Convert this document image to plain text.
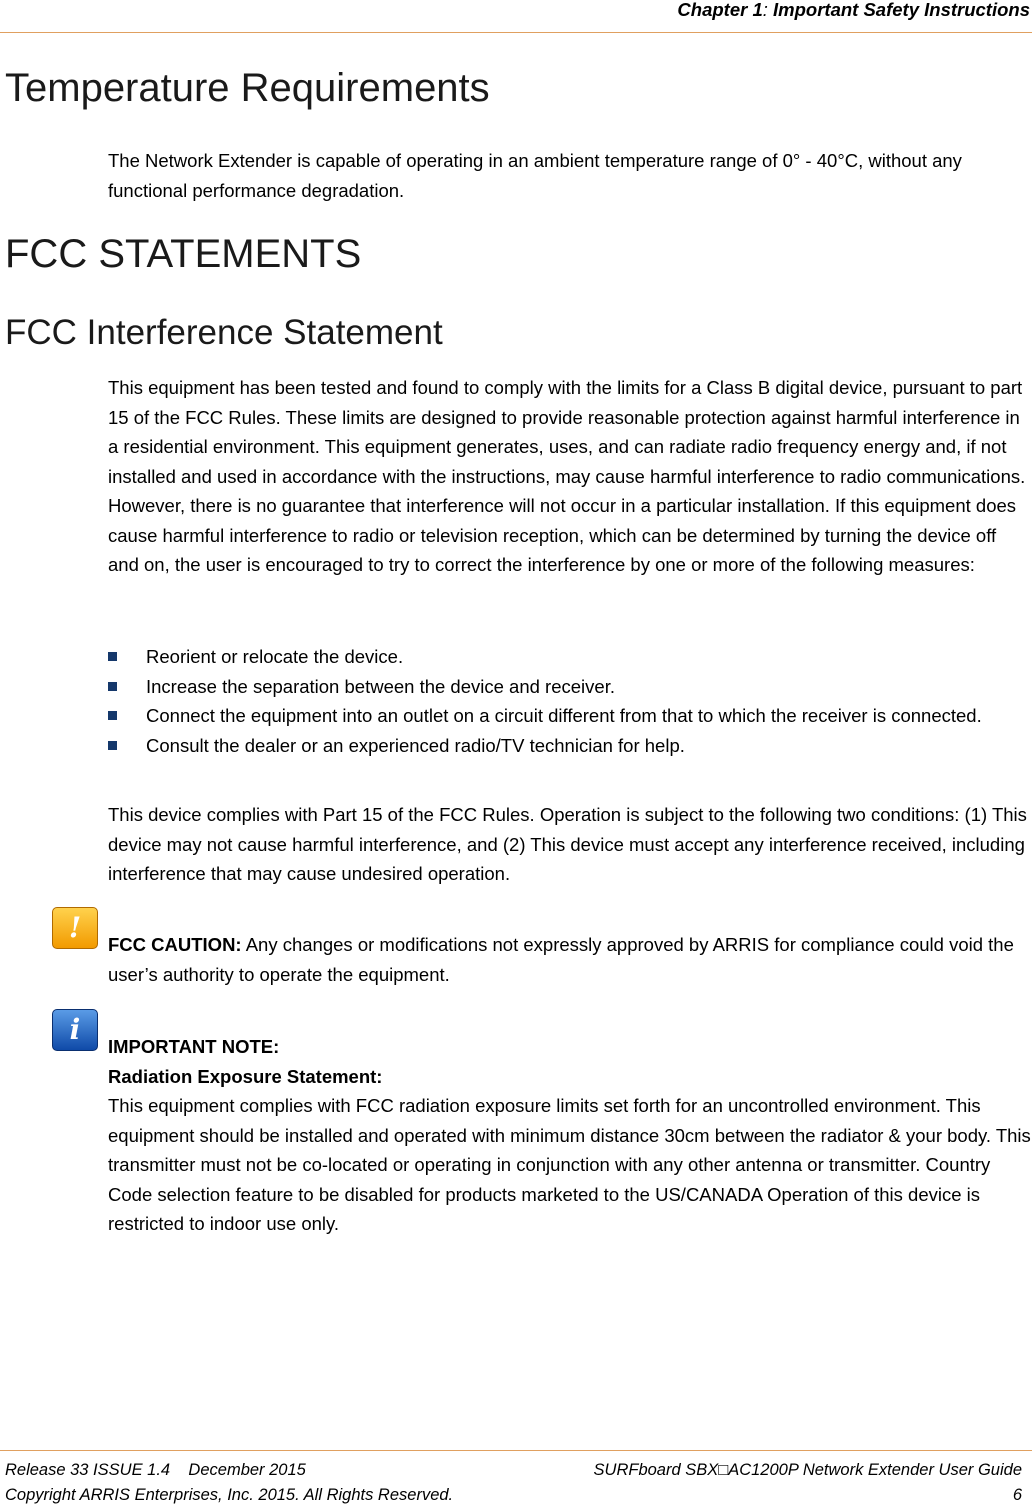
Chapter 1: Important Safety Instructions
Temperature Requirements

The Network Extender is capable of operating in an ambient temperature range of 0° - 40°C, without any functional performance degradation.

FCC STATEMENTS
FCC Interference Statement

This equipment has been tested and found to comply with the limits for a Class B digital device, pursuant to part 15 of the FCC Rules. These limits are designed to provide reasonable protection against harmful interference in a residential environment. This equipment generates, uses, and can radiate radio frequency energy and, if not installed and used in accordance with the instructions, may cause harmful interference to radio communications. However, there is no guarantee that interference will not occur in a particular installation. If this equipment does cause harmful interference to radio or television reception, which can be determined by turning the device off and on, the user is encouraged to try to correct the interference by one or more of the following measures:

Reorient or relocate the device.
Increase the separation between the device and receiver.
Connect the equipment into an outlet on a circuit different from that to which the receiver is connected.
Consult the dealer or an experienced radio/TV technician for help.

This device complies with Part 15 of the FCC Rules. Operation is subject to the following two conditions: (1) This device may not cause harmful interference, and (2) This device must accept any interference received, including interference that may cause undesired operation.

!

FCC CAUTION: Any changes or modifications not expressly approved by ARRIS for compliance could void the user’s authority to operate the equipment.

i
IMPORTANT NOTE:
Radiation Exposure Statement:
This equipment complies with FCC radiation exposure limits set forth for an uncontrolled environment. This equipment should be installed and operated with minimum distance 30cm between the radiator & your body. This transmitter must not be co-located or operating in conjunction with any other antenna or transmitter. Country Code selection feature to be disabled for products marketed to the US/CANADA Operation of this device is restricted to indoor use only.
Release 33 ISSUE 1.4    December 2015	SURFboard SBX□AC1200P Network Extender User Guide
Copyright ARRIS Enterprises, Inc. 2015. All Rights Reserved.	6
